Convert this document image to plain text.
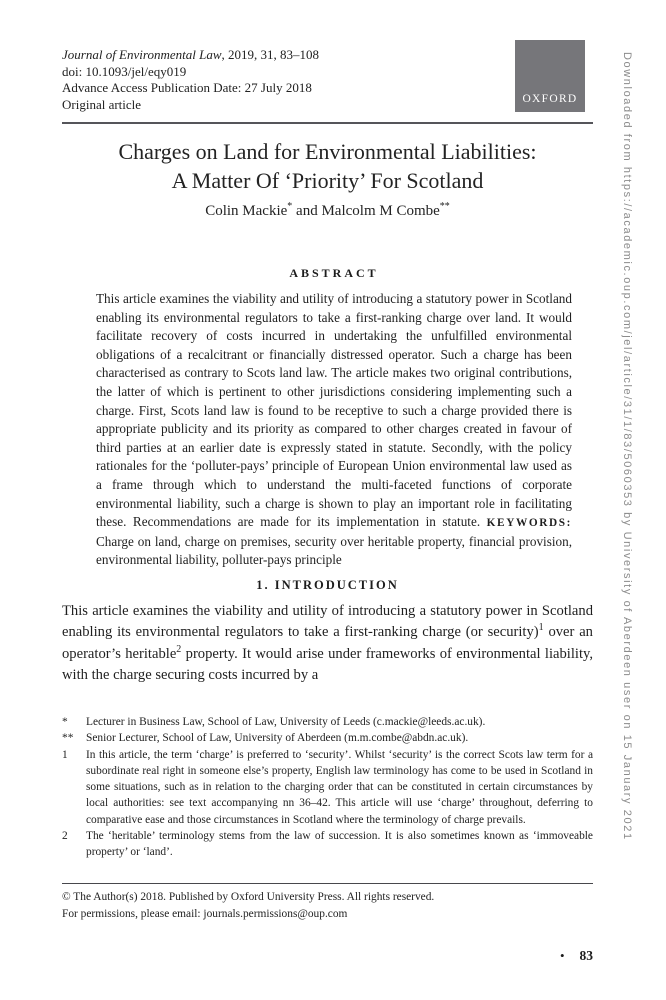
Journal of Environmental Law, 2019, 31, 83–108
doi: 10.1093/jel/eqy019
Advance Access Publication Date: 27 July 2018
Original article	OXFORD
Charges on Land for Environmental Liabilities:
A Matter Of ‘Priority’ For Scotland
Colin Mackie* and Malcolm M Combe**
ABSTRACT
This article examines the viability and utility of introducing a statutory power in Scotland enabling its environmental regulators to take a first-ranking charge over land. It would facilitate recovery of costs incurred in undertaking the unfulfilled environmental obligations of a recalcitrant or financially distressed operator. Such a charge has been characterised as contrary to Scots land law. The article makes two original contributions, the latter of which is pertinent to other jurisdictions considering implementing such a charge. First, Scots land law is found to be receptive to such a charge provided there is appropriate publicity and its priority as compared to other charges created in favour of third parties at an earlier date is expressly stated in statute. Secondly, with the policy rationales for the ‘polluter-pays’ principle of European Union environmental law used as a frame through which to understand the multi-faceted functions of corporate environmental liability, such a charge is shown to play an important role in facilitating these. Recommendations are made for its implementation in statute. KEYWORDS: Charge on land, charge on premises, security over heritable property, financial provision, environmental liability, polluter-pays principle
1. INTRODUCTION
This article examines the viability and utility of introducing a statutory power in Scotland enabling its environmental regulators to take a first-ranking charge (or security)$^1$ over an operator’s heritable$^2$ property. It would arise under frameworks of environmental liability, with the charge securing costs incurred by a
*	Lecturer in Business Law, School of Law, University of Leeds (c.mackie@leeds.ac.uk).
**	Senior Lecturer, School of Law, University of Aberdeen (m.m.combe@abdn.ac.uk).
1	In this article, the term ‘charge’ is preferred to ‘security’. Whilst ‘security’ is the correct Scots law term for a subordinate real right in someone else’s property, English law terminology has come to be used in Scotland in some situations, such as in relation to the charging order that can be constituted in certain circumstances by local authorities: see text accompanying nn 36–42. This article will use ‘charge’ throughout, deferring to comparative ease and those circumstances in Scotland where the terminology of charge prevails.
2	The ‘heritable’ terminology stems from the law of succession. It is also sometimes known as ‘immoveable property’ or ‘land’.
© The Author(s) 2018. Published by Oxford University Press. All rights reserved.
For permissions, please email: journals.permissions@oup.com
• 83
Downloaded from https://academic.oup.com/jel/article/31/1/83/5060353 by University of Aberdeen user on 15 January 2021
